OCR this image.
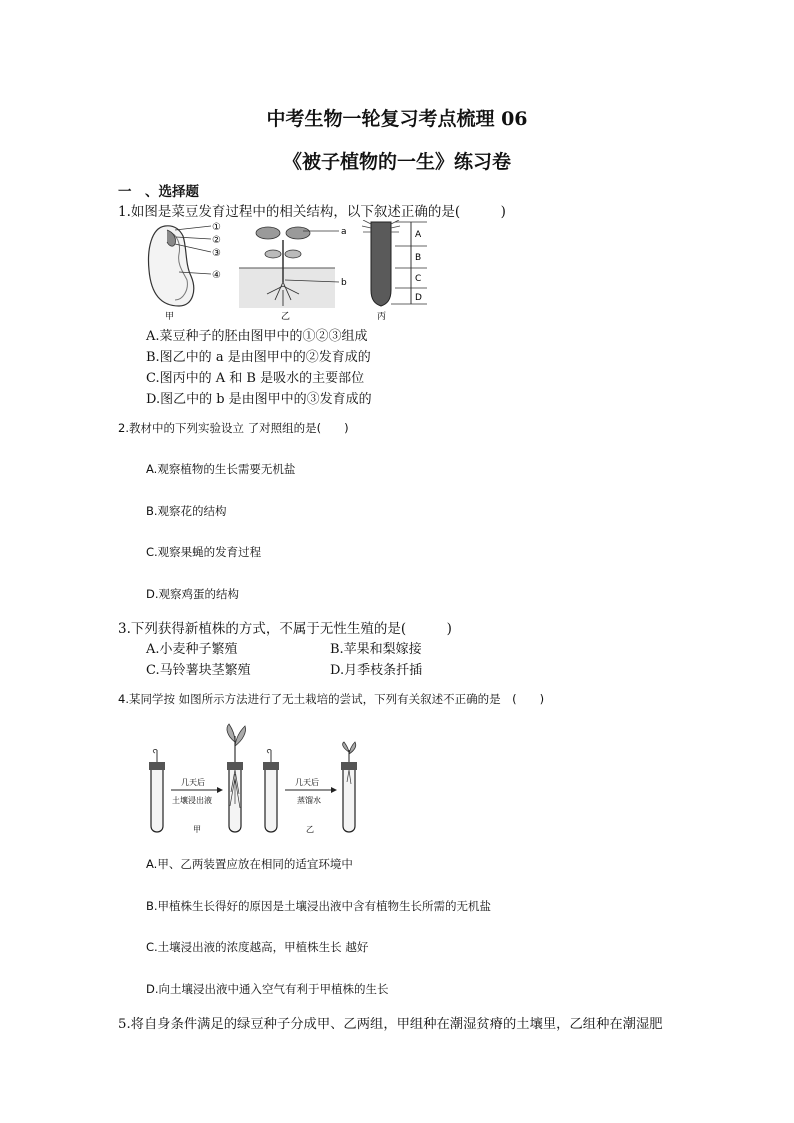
中考生物一轮复习考点梳理 06
《被子植物的一生》练习卷
一　、选择题
1.如图是菜豆发育过程中的相关结构，以下叙述正确的是(　　　)
①
②
③
④
a
b
A
B
C
D
甲	乙	丙
A.菜豆种子的胚由图甲中的①②③组成
B.图乙中的 a 是由图甲中的②发育成的
C.图丙中的 A 和 B 是吸水的主要部位
D.图乙中的 b 是由图甲中的③发育成的
2.教材中的下列实验设立 了对照组的是(　　)
A.观察植物的生长需要无机盐
B.观察花的结构
C.观察果蝇的发育过程
D.观察鸡蛋的结构
3.下列获得新植株的方式，不属于无性生殖的是(　　　)
A.小麦种子繁殖	B.苹果和梨嫁接
C.马铃薯块茎繁殖	D.月季枝条扦插
4.某同学按 如图所示方法进行了无土栽培的尝试，下列有关叙述不正确的是　(　　)
几天后
土壤浸出液
几天后
蒸馏水
甲	乙
A.甲、乙两装置应放在相同的适宜环境中
B.甲植株生长得好的原因是土壤浸出液中含有植物生长所需的无机盐
C.土壤浸出液的浓度越高，甲植株生长 越好
D.向土壤浸出液中通入空气有利于甲植株的生长
5.将自身条件满足的绿豆种子分成甲、乙两组，甲组种在潮湿贫瘠的土壤里，乙组种在潮湿肥
